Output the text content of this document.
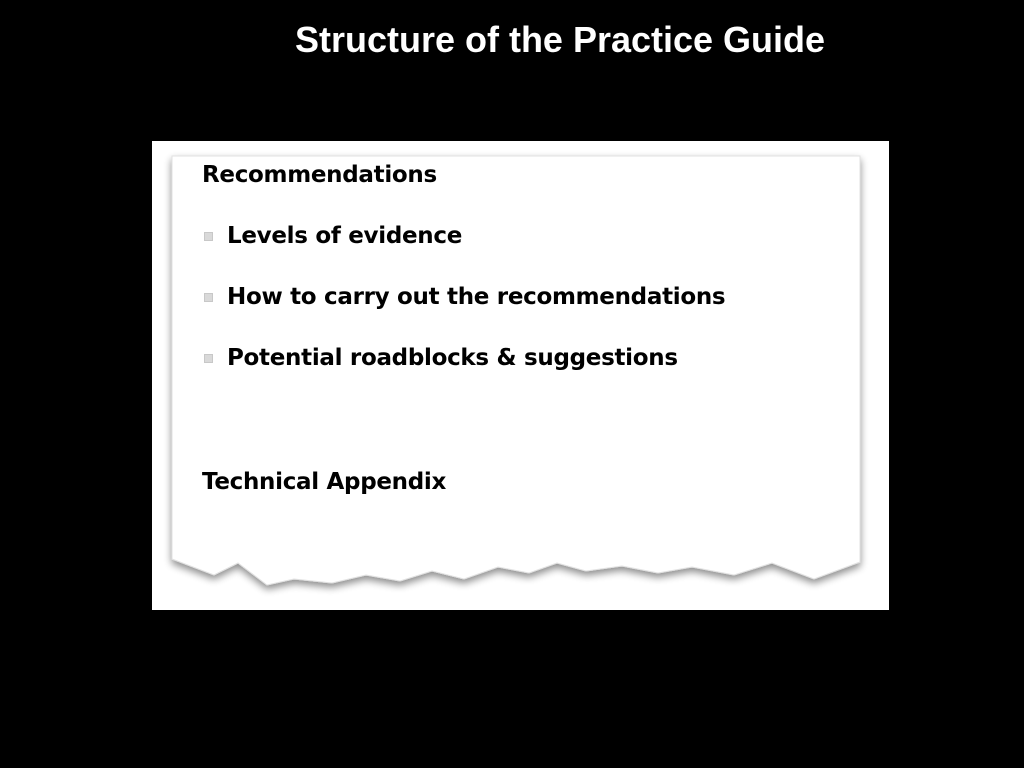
Structure of the Practice Guide

Recommendations

Levels of evidence
How to carry out the recommendations
Potential roadblocks & suggestions

Technical Appendix
